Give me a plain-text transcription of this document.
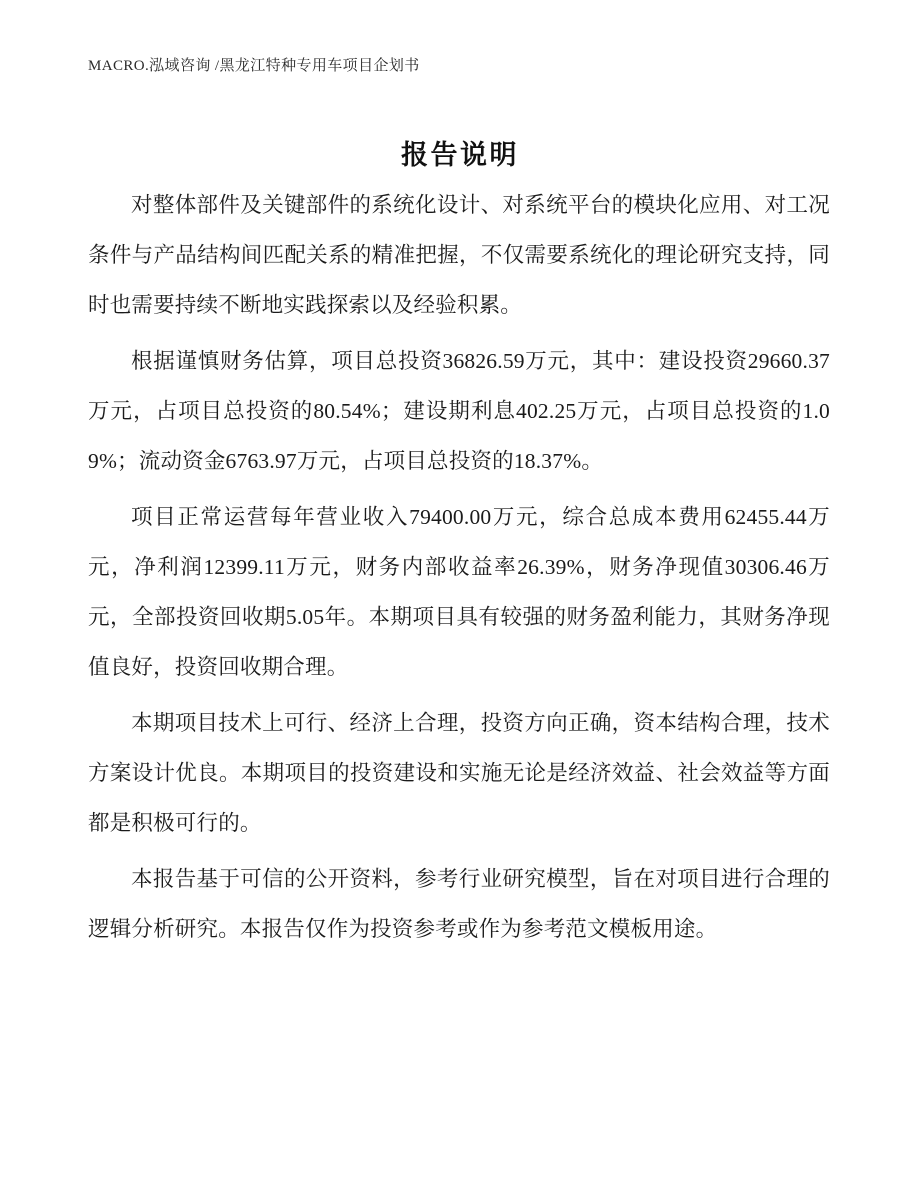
MACRO.泓域咨询 /黑龙江特种专用车项目企划书
报告说明

对整体部件及关键部件的系统化设计、对系统平台的模块化应用、对工况条件与产品结构间匹配关系的精准把握，不仅需要系统化的理论研究支持，同时也需要持续不断地实践探索以及经验积累。

根据谨慎财务估算，项目总投资36826.59万元，其中：建设投资29660.37万元，占项目总投资的80.54%；建设期利息402.25万元，占项目总投资的1.09%；流动资金6763.97万元，占项目总投资的18.37%。

项目正常运营每年营业收入79400.00万元，综合总成本费用62455.44万元，净利润12399.11万元，财务内部收益率26.39%，财务净现值30306.46万元，全部投资回收期5.05年。本期项目具有较强的财务盈利能力，其财务净现值良好，投资回收期合理。

本期项目技术上可行、经济上合理，投资方向正确，资本结构合理，技术方案设计优良。本期项目的投资建设和实施无论是经济效益、社会效益等方面都是积极可行的。

本报告基于可信的公开资料，参考行业研究模型，旨在对项目进行合理的逻辑分析研究。本报告仅作为投资参考或作为参考范文模板用途。
